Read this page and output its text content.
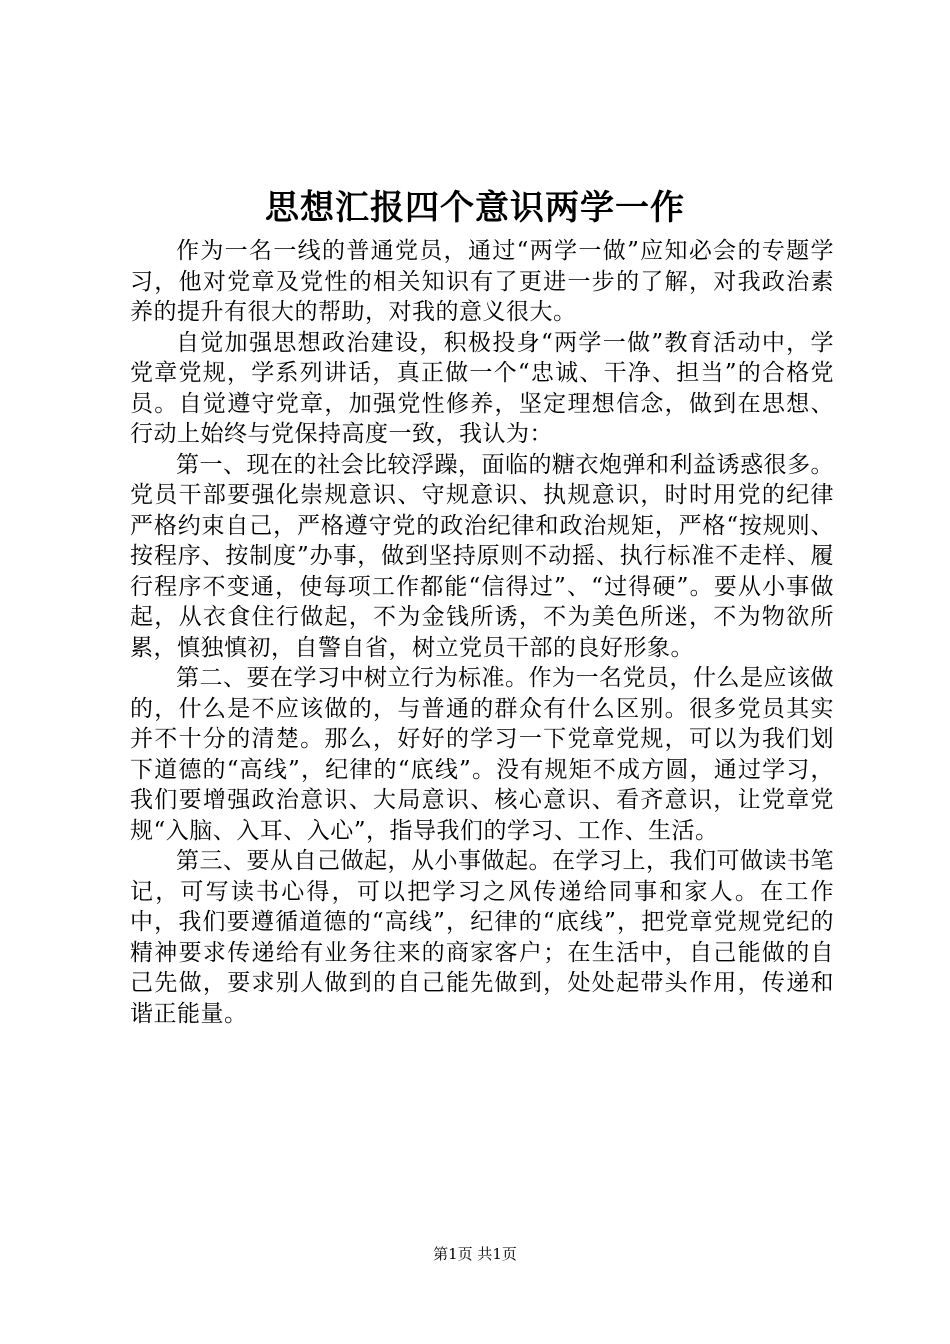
思想汇报四个意识两学一作

作为一名一线的普通党员，通过“两学一做”应知必会的专题学习，他对党章及党性的相关知识有了更进一步的了解，对我政治素养的提升有很大的帮助，对我的意义很大。

自觉加强思想政治建设，积极投身“两学一做”教育活动中，学党章党规，学系列讲话，真正做一个“忠诚、干净、担当”的合格党员。自觉遵守党章，加强党性修养，坚定理想信念，做到在思想、行动上始终与党保持高度一致，我认为：

第一、现在的社会比较浮躁，面临的糖衣炮弹和利益诱惑很多。党员干部要强化崇规意识、守规意识、执规意识，时时用党的纪律严格约束自己，严格遵守党的政治纪律和政治规矩，严格“按规则、按程序、按制度”办事，做到坚持原则不动摇、执行标准不走样、履行程序不变通，使每项工作都能“信得过”、“过得硬”。要从小事做起，从衣食住行做起，不为金钱所诱，不为美色所迷，不为物欲所累，慎独慎初，自警自省，树立党员干部的良好形象。

第二、要在学习中树立行为标准。作为一名党员，什么是应该做的，什么是不应该做的，与普通的群众有什么区别。很多党员其实并不十分的清楚。那么，好好的学习一下党章党规，可以为我们划下道德的“高线”，纪律的“底线”。没有规矩不成方圆，通过学习，我们要增强政治意识、大局意识、核心意识、看齐意识，让党章党规“入脑、入耳、入心”，指导我们的学习、工作、生活。

第三、要从自己做起，从小事做起。在学习上，我们可做读书笔记，可写读书心得，可以把学习之风传递给同事和家人。在工作中，我们要遵循道德的“高线”，纪律的“底线”，把党章党规党纪的精神要求传递给有业务往来的商家客户；在生活中，自己能做的自己先做，要求别人做到的自己能先做到，处处起带头作用，传递和谐正能量。

第1页 共1页
